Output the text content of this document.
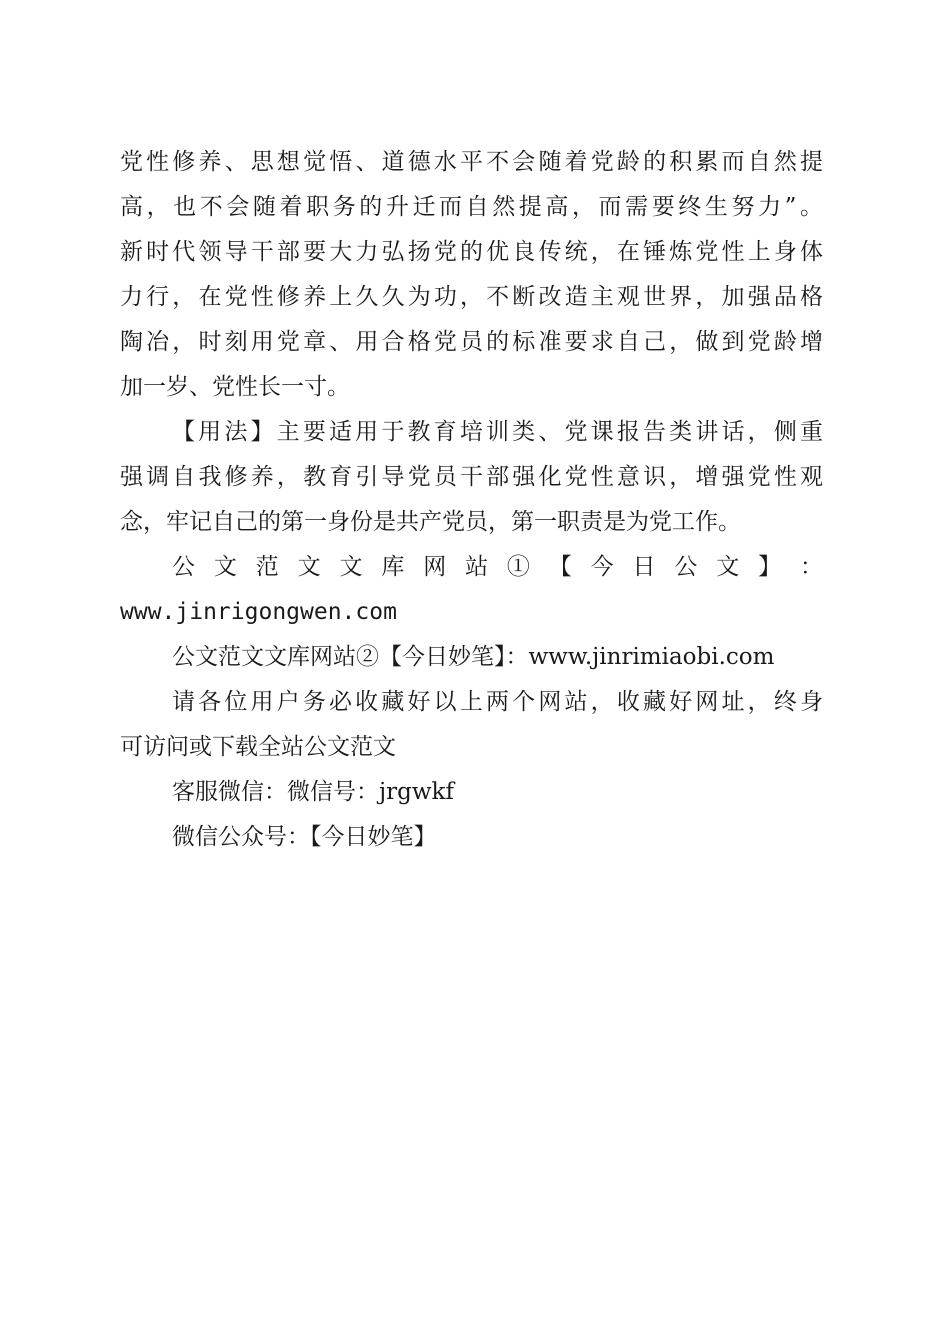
党性修养、思想觉悟、道德水平不会随着党龄的积累而自然提
高，也不会随着职务的升迁而自然提高，而需要终生努力”。
新时代领导干部要大力弘扬党的优良传统，在锤炼党性上身体
力行，在党性修养上久久为功，不断改造主观世界，加强品格
陶冶，时刻用党章、用合格党员的标准要求自己，做到党龄增
加一岁、党性长一寸。
【用法】主要适用于教育培训类、党课报告类讲话，侧重
强调自我修养，教育引导党员干部强化党性意识，增强党性观
念，牢记自己的第一身份是共产党员，第一职责是为党工作。
公 文 范 文 文 库 网 站 ① 【 今 日 公 文 】 ：
www.jinrigongwen.com
公文范文文库网站②【今日妙笔】：www.jinrimiaobi.com
请各位用户务必收藏好以上两个网站，收藏好网址，终身
可访问或下载全站公文范文
客服微信：微信号：jrgwkf
微信公众号：【今日妙笔】
